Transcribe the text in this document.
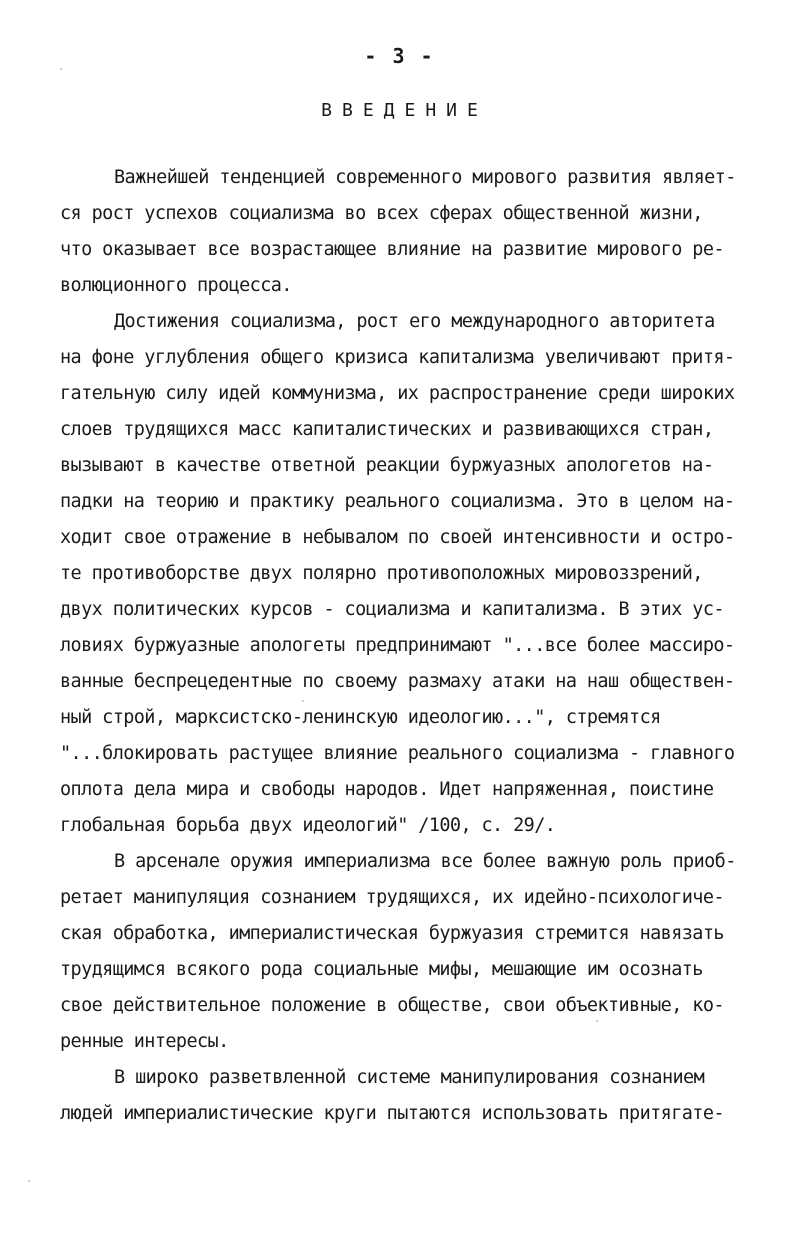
- 3 -
ВВЕДЕНИЕ
Важнейшей тенденцией современного мирового развития являет-
ся рост успехов социализма во всех сферах общественной жизни,
что оказывает все возрастающее влияние на развитие мирового ре-
волюционного процесса.
Достижения социализма, рост его международного авторитета
на фоне углубления общего кризиса капитализма увеличивают притя-
гательную силу идей коммунизма, их распространение среди широких
слоев трудящихся масс капиталистических и развивающихся стран,
вызывают в качестве ответной реакции буржуазных апологетов на-
падки на теорию и практику реального социализма. Это в целом на-
ходит свое отражение в небывалом по своей интенсивности и остро-
те противоборстве двух полярно противоположных мировоззрений,
двух политических курсов - социализма и капитализма. В этих ус-
ловиях буржуазные апологеты предпринимают "...все более массиро-
ванные беспрецедентные по своему размаху атаки на наш обществен-
ный строй, марксистско-ленинскую идеологию...", стремятся
"...блокировать растущее влияние реального социализма - главного
оплота дела мира и свободы народов. Идет напряженная, поистине
глобальная борьба двух идеологий" /100, с. 29/.
В арсенале оружия империализма все более важную роль приоб-
ретает манипуляция сознанием трудящихся, их идейно-психологиче-
ская обработка, империалистическая буржуазия стремится навязать
трудящимся всякого рода социальные мифы, мешающие им осознать
свое действительное положение в обществе, свои объективные, ко-
ренные интересы.
В широко разветвленной системе манипулирования сознанием
людей империалистические круги пытаются использовать притягате-
